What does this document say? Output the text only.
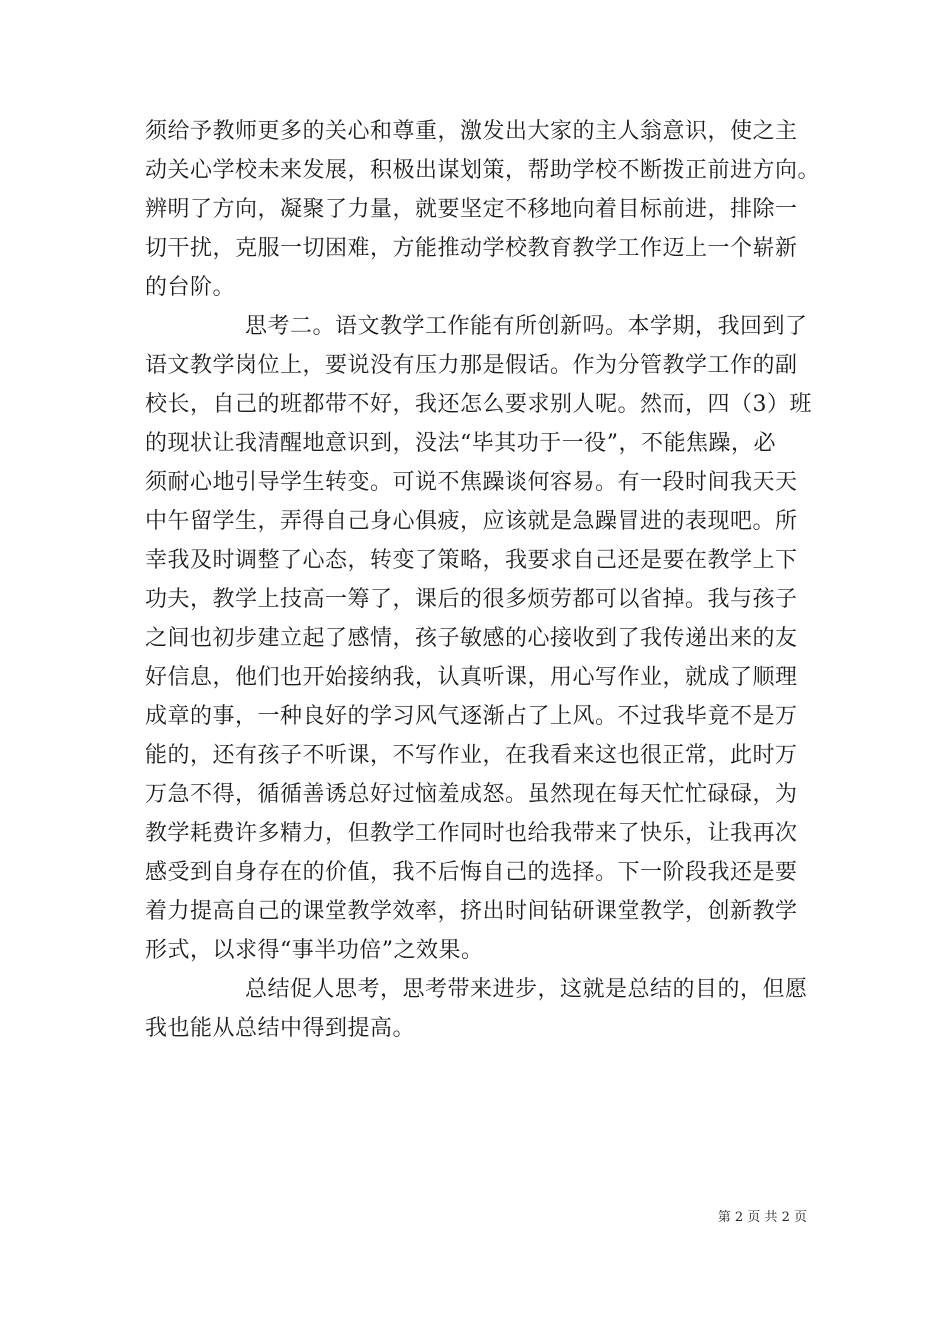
须给予教师更多的关心和尊重，激发出大家的主人翁意识，使之主
动关心学校未来发展，积极出谋划策，帮助学校不断拨正前进方向。
辨明了方向，凝聚了力量，就要坚定不移地向着目标前进，排除一
切干扰，克服一切困难，方能推动学校教育教学工作迈上一个崭新
的台阶。
思考二。语文教学工作能有所创新吗。本学期，我回到了
语文教学岗位上，要说没有压力那是假话。作为分管教学工作的副
校长，自己的班都带不好，我还怎么要求别人呢。然而，四（3）班
的现状让我清醒地意识到，没法“毕其功于一役”，不能焦躁，必
须耐心地引导学生转变。可说不焦躁谈何容易。有一段时间我天天
中午留学生，弄得自己身心俱疲，应该就是急躁冒进的表现吧。所
幸我及时调整了心态，转变了策略，我要求自己还是要在教学上下
功夫，教学上技高一筹了，课后的很多烦劳都可以省掉。我与孩子
之间也初步建立起了感情，孩子敏感的心接收到了我传递出来的友
好信息，他们也开始接纳我，认真听课，用心写作业，就成了顺理
成章的事，一种良好的学习风气逐渐占了上风。不过我毕竟不是万
能的，还有孩子不听课，不写作业，在我看来这也很正常，此时万
万急不得，循循善诱总好过恼羞成怒。虽然现在每天忙忙碌碌，为
教学耗费许多精力，但教学工作同时也给我带来了快乐，让我再次
感受到自身存在的价值，我不后悔自己的选择。下一阶段我还是要
着力提高自己的课堂教学效率，挤出时间钻研课堂教学，创新教学
形式，以求得“事半功倍”之效果。
总结促人思考，思考带来进步，这就是总结的目的，但愿
我也能从总结中得到提高。
第 2 页 共 2 页
